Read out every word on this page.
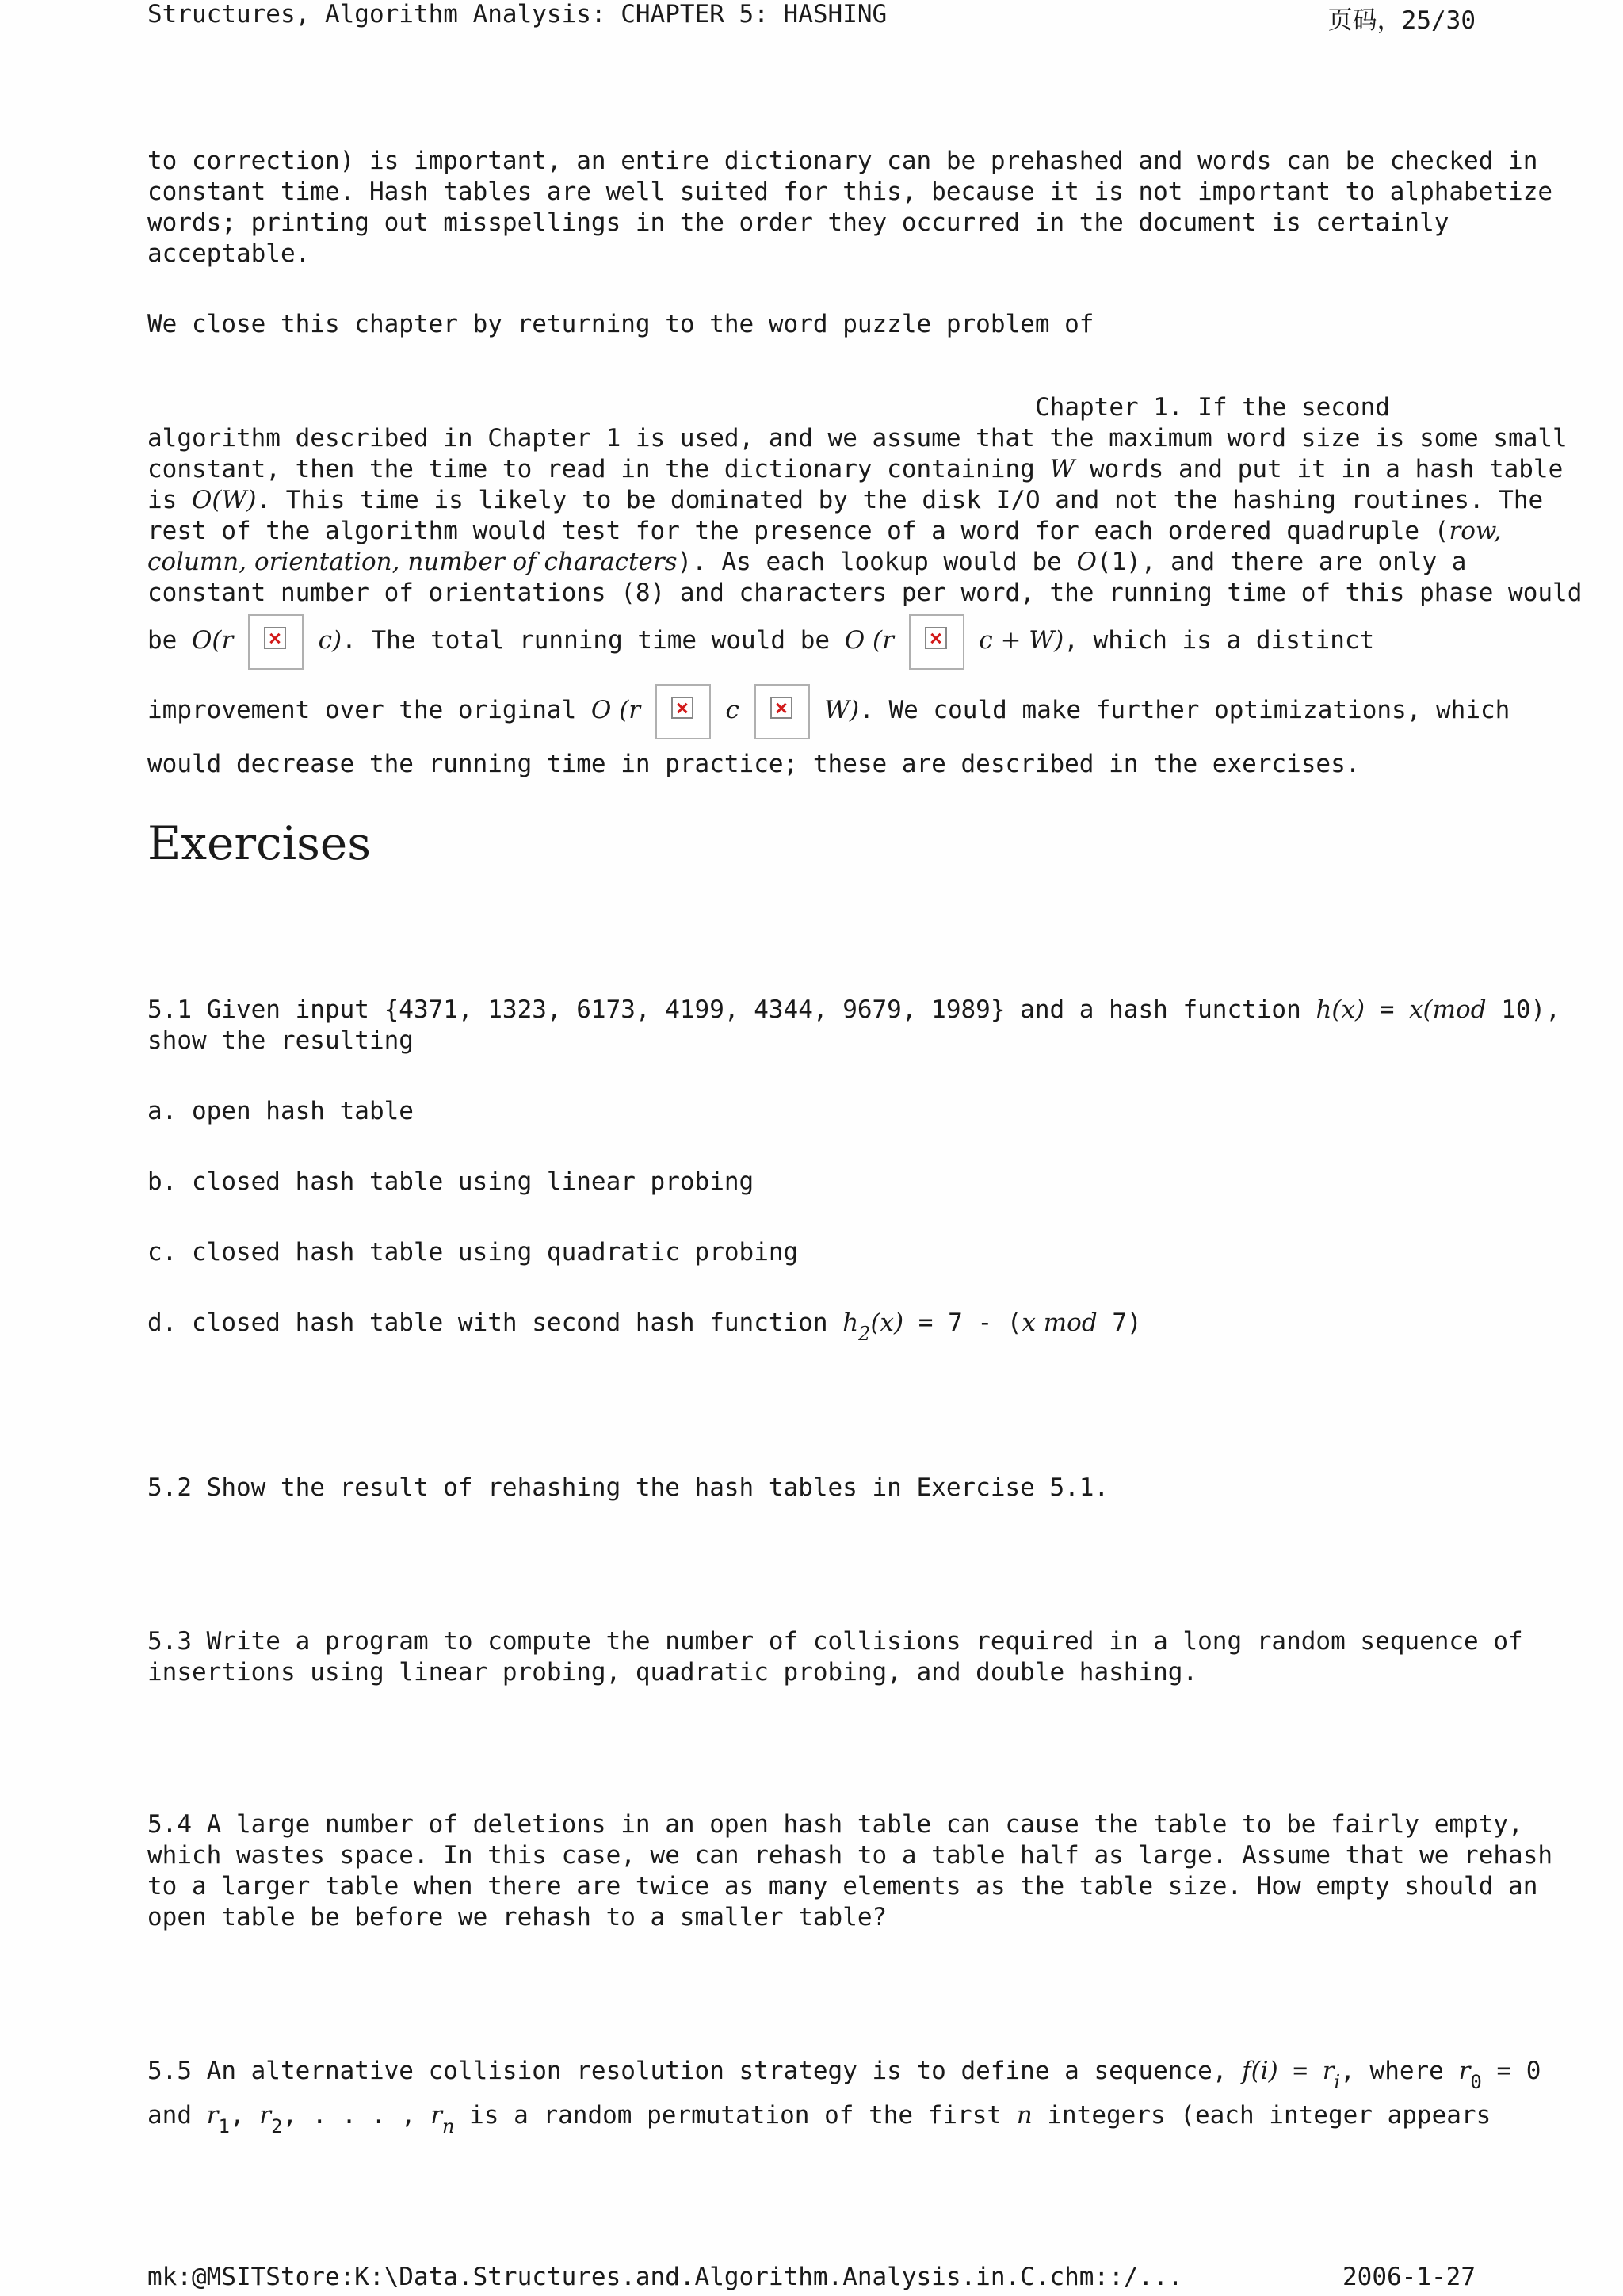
Structures, Algorithm Analysis: CHAPTER 5: HASHING	页码，25/30
to correction) is important, an entire dictionary can be prehashed and words can be checked in
constant time. Hash tables are well suited for this, because it is not important to alphabetize
words; printing out misspellings in the order they occurred in the document is certainly
acceptable.
We close this chapter by returning to the word puzzle problem of
Chapter 1. If the second
algorithm described in Chapter 1 is used, and we assume that the maximum word size is some small
constant, then the time to read in the dictionary containing W words and put it in a hash table
is O(W). This time is likely to be dominated by the disk I/O and not the hashing routines. The
rest of the algorithm would test for the presence of a word for each ordered quadruple (row,
column, orientation, number of characters). As each lookup would be O(1), and there are only a
constant number of orientations (8) and characters per word, the running time of this phase would
be O(r	c). The total running time would be O (r	c + W), which is a distinct
improvement over the original O (r	c	W). We could make further optimizations, which
would decrease the running time in practice; these are described in the exercises.
Exercises
5.1 Given input {4371, 1323, 6173, 4199, 4344, 9679, 1989} and a hash function h(x) = x(mod 10),
show the resulting
a. open hash table
b. closed hash table using linear probing
c. closed hash table using quadratic probing
d. closed hash table with second hash function $h_2(x) = 7 - (x$ mod 7)
5.2 Show the result of rehashing the hash tables in Exercise 5.1.
5.3 Write a program to compute the number of collisions required in a long random sequence of
insertions using linear probing, quadratic probing, and double hashing.
5.4 A large number of deletions in an open hash table can cause the table to be fairly empty,
which wastes space. In this case, we can rehash to a table half as large. Assume that we rehash
to a larger table when there are twice as many elements as the table size. How empty should an
open table be before we rehash to a smaller table?
5.5 An alternative collision resolution strategy is to define a sequence, $f(i) = r_i$, where $r_0 = 0$
and $r_1$, $r_2$, . . . , $r_n$ is a random permutation of the first n integers (each integer appears
mk:@MSITStore:K:\Data.Structures.and.Algorithm.Analysis.in.C.chm::/...	2006-1-27
